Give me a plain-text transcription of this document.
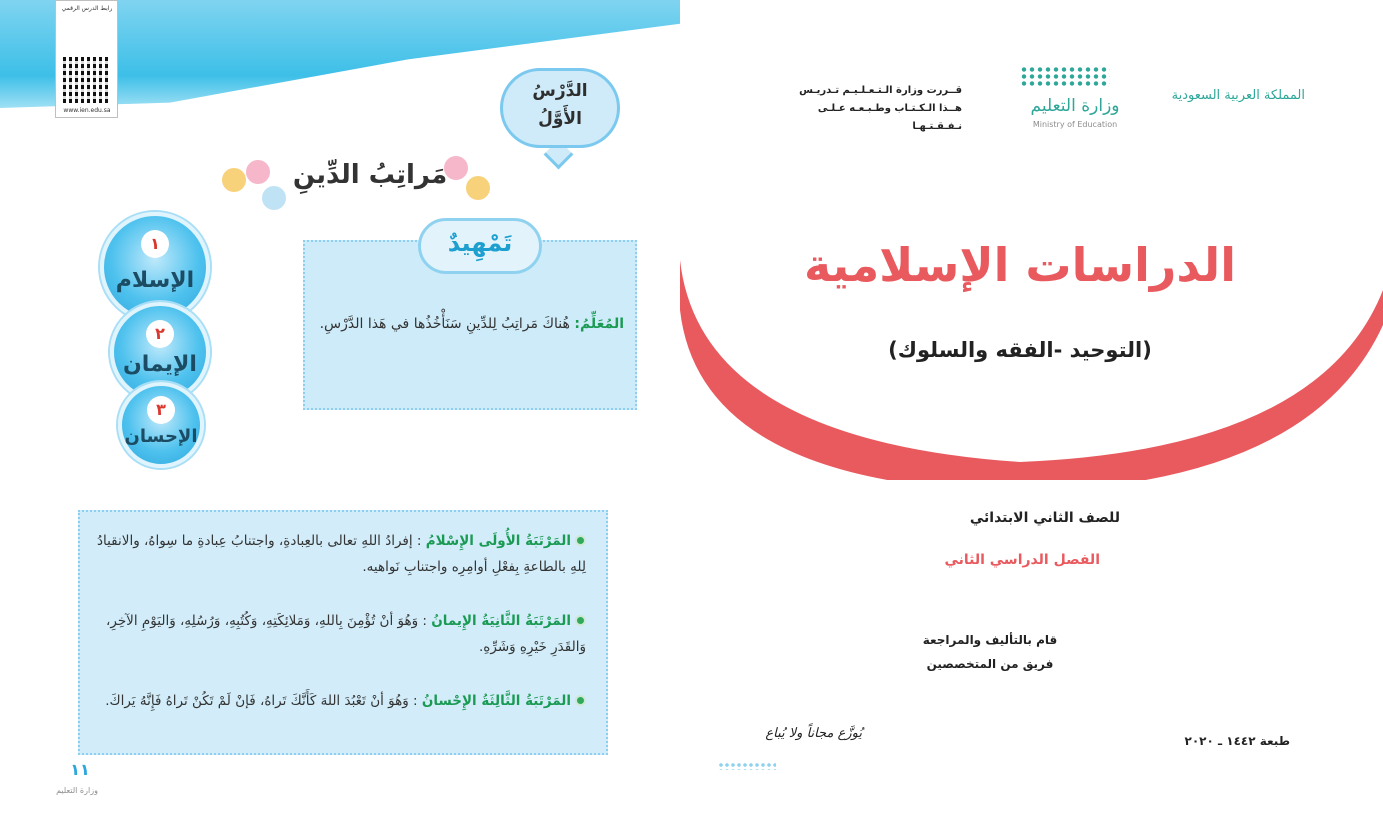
رابط الدرس الرقمي
www.ien.edu.sa
الدَّرْسُ
الأَوَّلُ
مَراتِبُ الدِّينِ
تَمْهِيدٌ
المُعَلِّمُ: هُناكَ مَراتِبُ لِلدِّينِ سَنَأْخُذُها في هَذا الدَّرْسِ.
١
الإسلام
٢
الإيمان
٣
الإحسان
المَرْتَبَةُ الأُولَى الإِسْلامُ : إفرادُ اللهِ تعالى بالعِبادةِ، واجتنابُ عِبادةِ ما سِواهُ، والانقيادُ لِلهِ بالطاعةِ بِفعْلِ أوامِرِه واجتنابِ نَواهيه.
المَرْتَبَةُ الثَّانِيَةُ الإِيمانُ : وَهُوَ أنْ تُؤْمِنَ بِاللهِ، وَمَلائِكَتِهِ، وَكُتُبِهِ، وَرُسُلِهِ، وَاليَوْمِ الآخِرِ، وَالقَدَرِ خَيْرِهِ وَشَرِّهِ.
المَرْتَبَةُ الثَّالِثَةُ الإِحْسانُ : وَهُوَ أنْ تَعْبُدَ اللهَ كَأَنَّكَ تَراهُ، فَإنْ لَمْ تَكُنْ تَراهُ فَإِنَّهُ يَراكَ.
١١
وزارة التعليم
المملكة العربية السعودية
وزارة التعليم
Ministry of Education
قــررت وزارة الـتـعـلـيـم تـدريـس
هــذا الـكـتـاب وطـبـعـه عـلـى نـفـقـتـهـا
الدراسات الإسلامية
(التوحيد -الفقه والسلوك)
للصف الثاني الابتدائي
الفصل الدراسي الثاني
قام بالتأليف والمراجعة
فريق من المتخصصين
طبعة ١٤٤٢ ـ ٢٠٢٠
يُوزَّع مجاناً ولا يُباع
